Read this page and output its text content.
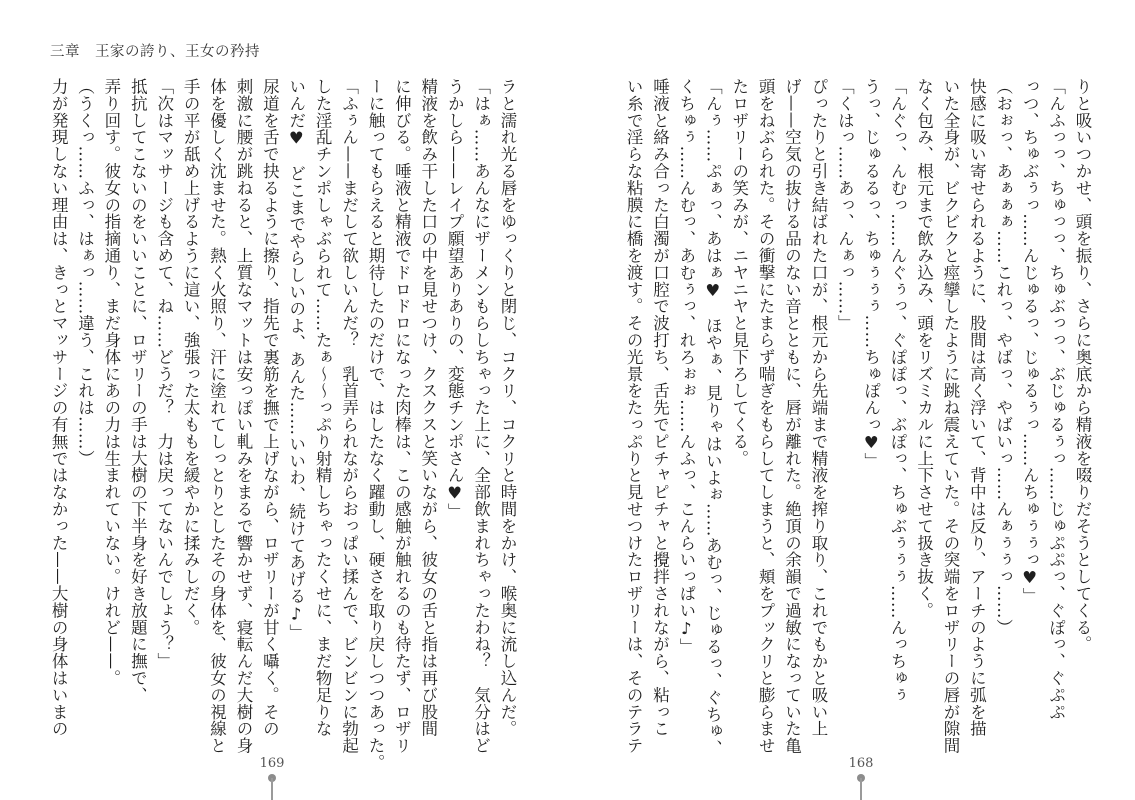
三章　王家の誇り、王女の矜持

ラと濡れ光る唇をゆっくりと閉じ、コクリ、コクリと時間をかけ、喉奥に流し込んだ。

「はぁ……あんなにザーメンもらしちゃった上に、全部飲まれちゃったわね？　気分はど

うかしら——レイプ願望ありありの、変態チンポさん♥」

精液を飲み干した口の中を見せつけ、クスクスと笑いながら、彼女の舌と指は再び股間

に伸びる。唾液と精液でドロドロになった肉棒は、この感触が触れるのも待たず、ロザリ

ーに触ってもらえると期待したのだけで、はしたなく躍動し、硬さを取り戻しつつあった。

「ふぅん——まだして欲しいんだ？　乳首弄られながらおっぱい揉んで、ビンビンに勃起

した淫乱チンポしゃぶられて……たぁ〜〜っぷり射精しちゃったくせに、まだ物足りな

いんだ♥　どこまでやらしいのよ、あんた……いいわ、続けてあげる♪」

尿道を舌で抉るように擦り、指先で裏筋を撫で上げながら、ロザリーが甘く囁く。その

刺激に腰が跳ねると、上質なマットは安っぽい軋みをまるで響かせず、寝転んだ大樹の身

体を優しく沈ませた。熱く火照り、汗に塗れてしっとりとしたその身体を、彼女の視線と

手の平が舐め上げるように這い、強張った太ももを緩やかに揉みしだく。

「次はマッサージも含めて、ね……どうだ？　力は戻ってないんでしょう？」

抵抗してこないのをいいことに、ロザリーの手は大樹の下半身を好き放題に撫で、

弄り回す。彼女の指摘通り、まだ身体にあの力は生まれていない。けれど——。

（うくっ……ふっ、はぁっ……違う、これは……）

力が発現しない理由は、きっとマッサージの有無ではなかった——大樹の身体はいまの

169

りと吸いつかせ、頭を振り、さらに奥底から精液を啜りだそうとしてくる。

「んふっっ、ちゅっっ、ちゅぶっっ、ぶじゅるぅっ……じゅぷぷっ、ぐぽっ、ぐぷぷ

っつ、ちゅぶぅっ……んじゅるっ、じゅるぅっ……んちゅぅぅっ♥」

（おぉっ、あぁぁぁ……これっ、やばっ、やばいっ……んぁぅぅっ……）

快感に吸い寄せられるように、股間は高く浮いて、背中は反り、アーチのように弧を描

いた全身が、ビクビクと痙攣したように跳ね震えていた。その突端をロザリーの唇が隙間

なく包み、根元まで飲み込み、頭をリズミカルに上下させて扱き抜く。

「んぐっ、んむっ……んぐぅっ、ぐぽぽっ、ぶぽっ、ちゅぶぅぅぅ……んっちゅぅ

うっ、じゅるるっ、ちゅぅぅぅ……ちゅぽんっ♥」

「くはっ……あっ、んぁっ……」

ぴったりと引き結ばれた口が、根元から先端まで精液を搾り取り、これでもかと吸い上

げ——空気の抜ける品のない音とともに、唇が離れた。絶頂の余韻で過敏になっていた亀

頭をねぶられた。その衝撃にたまらず喘ぎをもらしてしまうと、頬をプックリと膨らませ

たロザリーの笑みが、ニヤニヤと見下ろしてくる。

「んぅ……ぷぁっ、あはぁ♥　ほやぁ、見りゃはいよぉ……あむっ、じゅるっ、ぐちゅ、

くちゅぅ……んむっ、あむぅっ、れろぉぉ……んふっ、こんらいっぱい♪」

唾液と絡み合った白濁が口腔で波打ち、舌先でピチャピチャと攪拌されながら、粘っこ

い糸で淫らな粘膜に橋を渡す。その光景をたっぷりと見せつけたロザリーは、そのテラテ

168
